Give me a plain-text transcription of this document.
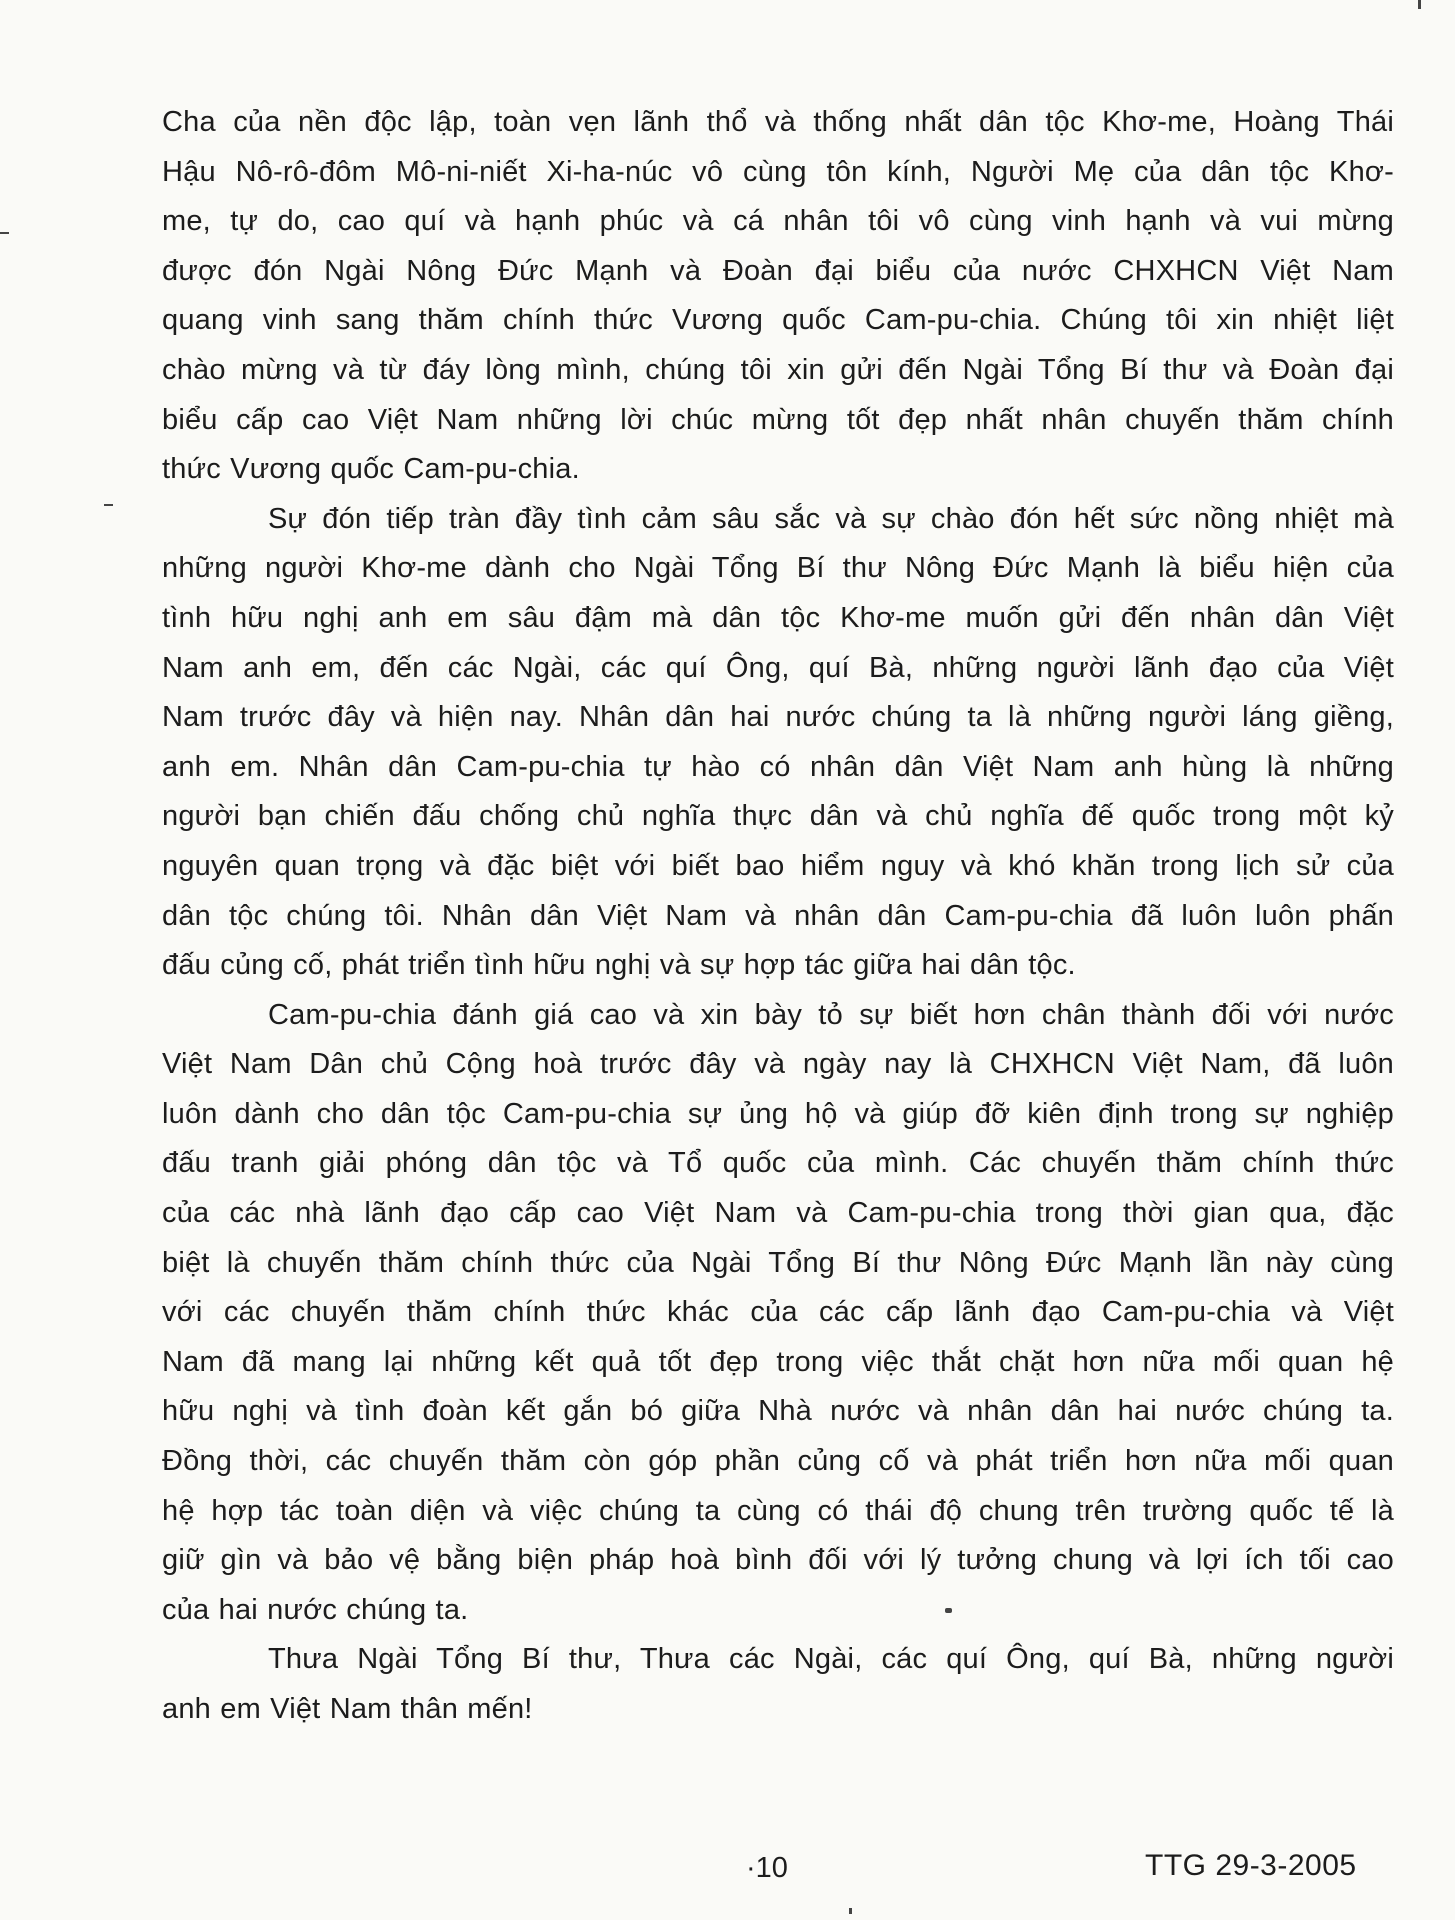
Cha của nền độc lập, toàn vẹn lãnh thổ và thống nhất dân tộc Khơ-me, Hoàng Thái
Hậu Nô-rô-đôm Mô-ni-niết Xi-ha-núc vô cùng tôn kính, Người Mẹ của dân tộc Khơ-
me, tự do, cao quí và hạnh phúc và cá nhân tôi vô cùng vinh hạnh và vui mừng
được đón Ngài Nông Đức Mạnh và Đoàn đại biểu của nước CHXHCN Việt Nam
quang vinh sang thăm chính thức Vương quốc Cam-pu-chia. Chúng tôi xin nhiệt liệt
chào mừng và từ đáy lòng mình, chúng tôi xin gửi đến Ngài Tổng Bí thư và Đoàn đại
biểu cấp cao Việt Nam những lời chúc mừng tốt đẹp nhất nhân chuyến thăm chính
thức Vương quốc Cam-pu-chia.
Sự đón tiếp tràn đầy tình cảm sâu sắc và sự chào đón hết sức nồng nhiệt mà
những người Khơ-me dành cho Ngài Tổng Bí thư Nông Đức Mạnh là biểu hiện của
tình hữu nghị anh em sâu đậm mà dân tộc Khơ-me muốn gửi đến nhân dân Việt
Nam anh em, đến các Ngài, các quí Ông, quí Bà, những người lãnh đạo của Việt
Nam trước đây và hiện nay. Nhân dân hai nước chúng ta là những người láng giềng,
anh em. Nhân dân Cam-pu-chia tự hào có nhân dân Việt Nam anh hùng là những
người bạn chiến đấu chống chủ nghĩa thực dân và chủ nghĩa đế quốc trong một kỷ
nguyên quan trọng và đặc biệt với biết bao hiểm nguy và khó khăn trong lịch sử của
dân tộc chúng tôi. Nhân dân Việt Nam và nhân dân Cam-pu-chia đã luôn luôn phấn
đấu củng cố, phát triển tình hữu nghị và sự hợp tác giữa hai dân tộc.
Cam-pu-chia đánh giá cao và xin bày tỏ sự biết hơn chân thành đối với nước
Việt Nam Dân chủ Cộng hoà trước đây và ngày nay là CHXHCN Việt Nam, đã luôn
luôn dành cho dân tộc Cam-pu-chia sự ủng hộ và giúp đỡ kiên định trong sự nghiệp
đấu tranh giải phóng dân tộc và Tổ quốc của mình. Các chuyến thăm chính thức
của các nhà lãnh đạo cấp cao Việt Nam và Cam-pu-chia trong thời gian qua, đặc
biệt là chuyến thăm chính thức của Ngài Tổng Bí thư Nông Đức Mạnh lần này cùng
với các chuyến thăm chính thức khác của các cấp lãnh đạo Cam-pu-chia và Việt
Nam đã mang lại những kết quả tốt đẹp trong việc thắt chặt hơn nữa mối quan hệ
hữu nghị và tình đoàn kết gắn bó giữa Nhà nước và nhân dân hai nước chúng ta.
Đồng thời, các chuyến thăm còn góp phần củng cố và phát triển hơn nữa mối quan
hệ hợp tác toàn diện và việc chúng ta cùng có thái độ chung trên trường quốc tế là
giữ gìn và bảo vệ bằng biện pháp hoà bình đối với lý tưởng chung và lợi ích tối cao
của hai nước chúng ta.
Thưa Ngài Tổng Bí thư, Thưa các Ngài, các quí Ông, quí Bà, những người
anh em Việt Nam thân mến!
·10	TTG 29-3-2005
